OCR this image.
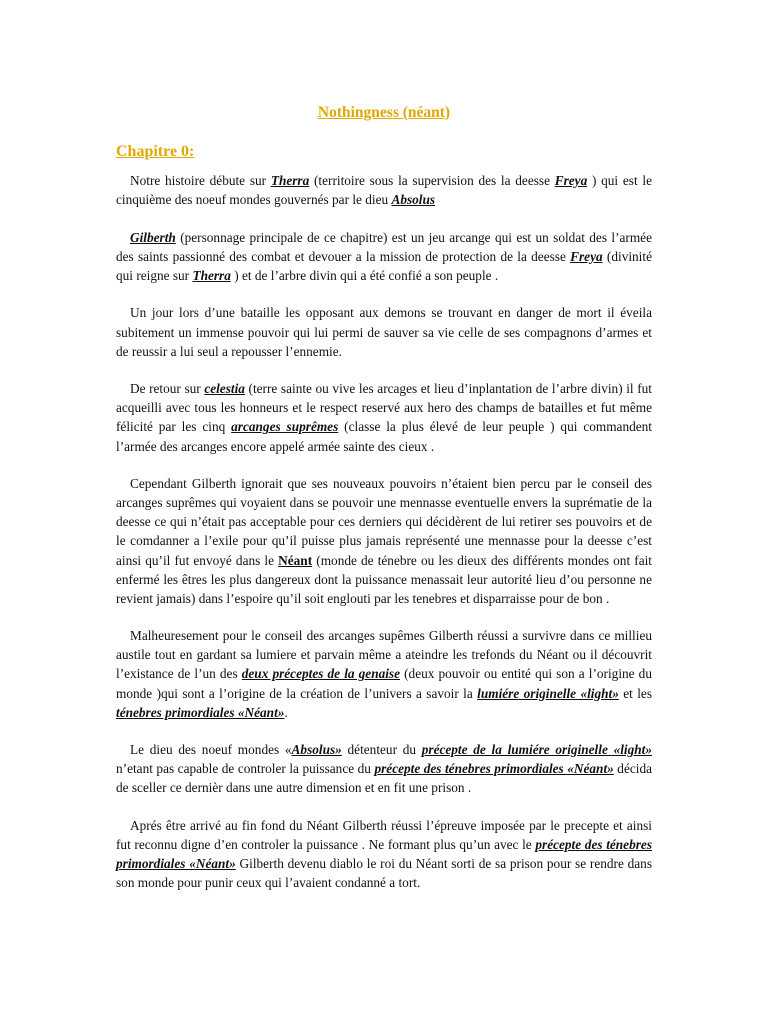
Nothingness (néant)
Chapitre 0:

Notre histoire débute sur Therra (territoire sous la supervision des la deesse Freya ) qui est le cinquième des noeuf mondes gouvernés par le dieu Absolus

Gilberth (personnage principale de ce chapitre) est un jeu arcange qui est un soldat des l’armée des saints passionné des combat et devouer a la mission de protection de la deesse Freya (divinité qui reigne sur Therra ) et de l’arbre divin qui a été confié a son peuple .

Un jour lors d’une bataille les opposant aux demons se trouvant en danger de mort il éveila subitement un immense pouvoir qui lui permi de sauver sa vie celle de ses compagnons d’armes et de reussir a lui seul a repousser l’ennemie.

De retour sur celestia (terre sainte ou vive les arcages et lieu d’inplantation de l’arbre divin) il fut acqueilli avec tous les honneurs et le respect reservé aux hero des champs de batailles et fut même félicité par les cinq arcanges suprêmes (classe la plus élevé de leur peuple ) qui commandent l’armée des arcanges encore appelé armée sainte des cieux .

Cependant Gilberth ignorait que ses nouveaux pouvoirs n’étaient bien percu par le conseil des arcanges suprêmes qui voyaient dans se pouvoir une mennasse eventuelle envers la suprématie de la deesse ce qui n’était pas acceptable pour ces derniers qui décidèrent de lui retirer ses pouvoirs et de le comdanner a l’exile pour qu’il puisse plus jamais représenté une mennasse pour la deesse c’est ainsi qu’il fut envoyé dans le Néant (monde de ténebre ou les dieux des différents mondes ont fait enfermé les êtres les plus dangereux dont la puissance menassait leur autorité lieu d’ou personne ne revient jamais) dans l’espoire qu’il soit englouti par les tenebres et disparraisse pour de bon .

Malheuresement pour le conseil des arcanges supêmes Gilberth réussi a survivre dans ce millieu austile tout en gardant sa lumiere et parvain même a ateindre les trefonds du Néant ou il découvrit l’existance de l’un des deux préceptes de la genaise (deux pouvoir ou entité qui son a l’origine du monde )qui sont a l’origine de la création de l’univers a savoir la lumiére originelle «light» et les ténebres primordiales «Néant».

Le dieu des noeuf mondes «Absolus» détenteur du précepte de la lumiére originelle «light» n’etant pas capable de controler la puissance du précepte des ténebres primordiales «Néant» décida de sceller ce dernièr dans une autre dimension et en fit une prison .

Aprés être arrivé au fin fond du Néant Gilberth réussi l’épreuve imposée par le precepte et ainsi fut reconnu digne d’en controler la puissance . Ne formant plus qu’un avec le précepte des ténebres primordiales «Néant» Gilberth devenu diablo le roi du Néant sorti de sa prison pour se rendre dans son monde pour punir ceux qui l’avaient condanné a tort.
